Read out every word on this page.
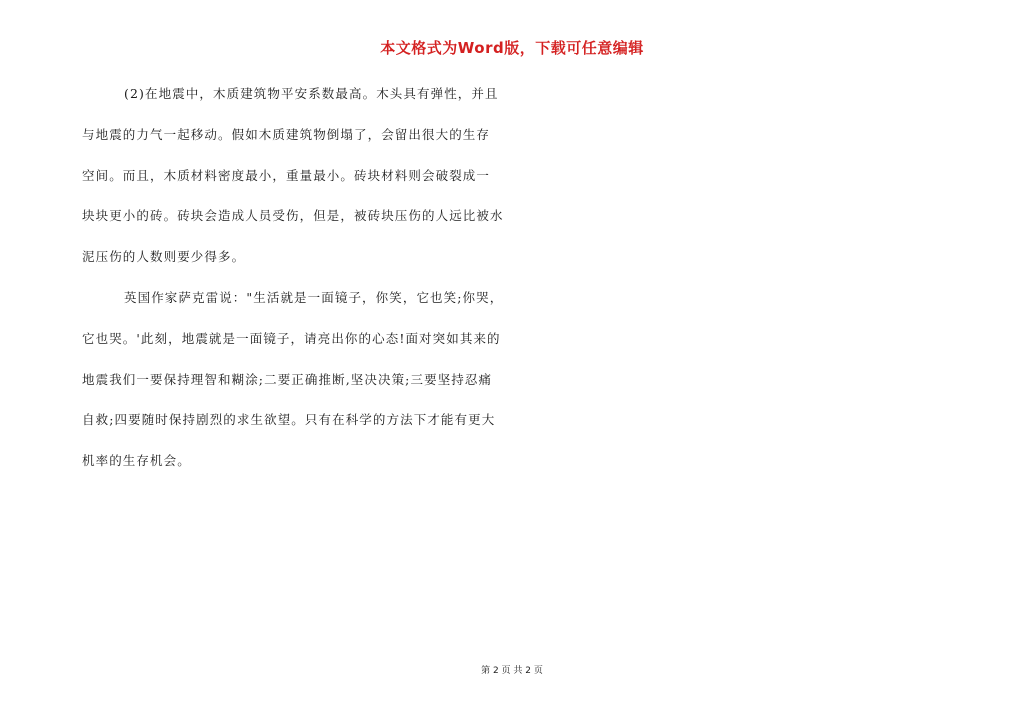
本文格式为Word版，下载可任意编辑
(2)在地震中，木质建筑物平安系数最高。木头具有弹性，并且
与地震的力气一起移动。假如木质建筑物倒塌了，会留出很大的生存
空间。而且，木质材料密度最小，重量最小。砖块材料则会破裂成一
块块更小的砖。砖块会造成人员受伤，但是，被砖块压伤的人远比被水
泥压伤的人数则要少得多。
英国作家萨克雷说："生活就是一面镜子，你笑，它也笑;你哭，
它也哭。'此刻，地震就是一面镜子，请亮出你的心态!面对突如其来的
地震我们一要保持理智和糊涂;二要正确推断,坚决决策;三要坚持忍痛
自救;四要随时保持剧烈的求生欲望。只有在科学的方法下才能有更大
机率的生存机会。
第 2 页 共 2 页
